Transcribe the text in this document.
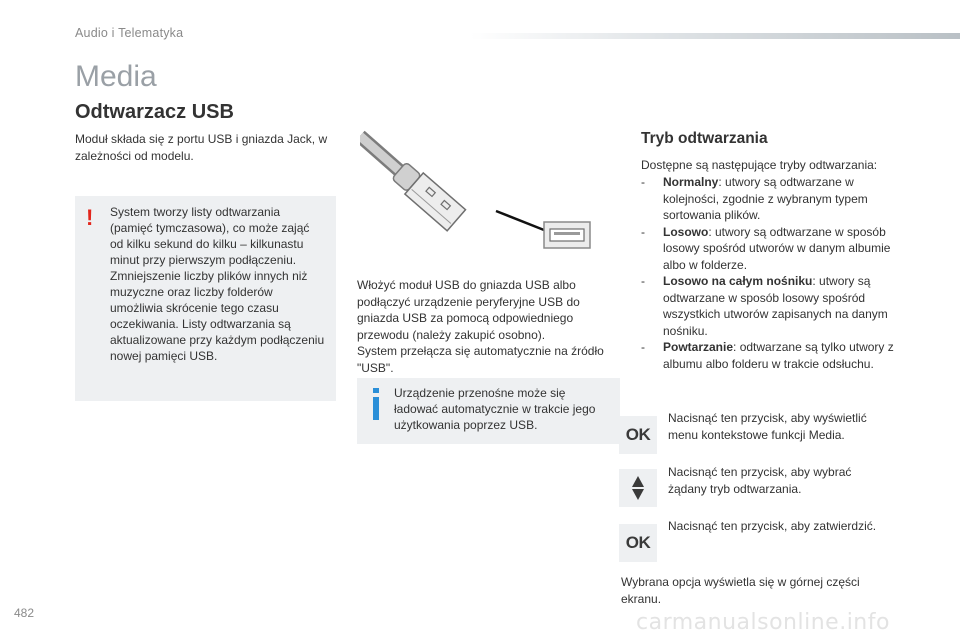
Audio i Telematyka
Media
Odtwarzacz USB
Moduł składa się z portu USB i gniazda Jack, w zależności od modelu.
! System tworzy listy odtwarzania (pamięć tymczasowa), co może zająć od kilku sekund do kilku – kilkunastu minut przy pierwszym podłączeniu. Zmniejszenie liczby plików innych niż muzyczne oraz liczby folderów umożliwia skrócenie tego czasu oczekiwania. Listy odtwarzania są aktualizowane przy każdym podłączeniu nowej pamięci USB.
Włożyć moduł USB do gniazda USB albo podłączyć urządzenie peryferyjne USB do gniazda USB za pomocą odpowiedniego przewodu (należy zakupić osobno).
System przełącza się automatycznie na źródło "USB".
Urządzenie przenośne może się ładować automatycznie w trakcie jego użytkowania poprzez USB.
Tryb odtwarzania
Dostępne są następujące tryby odtwarzania:
- Normalny: utwory są odtwarzane w kolejności, zgodnie z wybranym typem sortowania plików.
- Losowo: utwory są odtwarzane w sposób losowy spośród utworów w danym albumie albo w folderze.
- Losowo na całym nośniku: utwory są odtwarzane w sposób losowy spośród wszystkich utworów zapisanych na danym nośniku.
- Powtarzanie: odtwarzane są tylko utwory z albumu albo folderu w trakcie odsłuchu.
OK
Nacisnąć ten przycisk, aby wyświetlić menu kontekstowe funkcji Media.
Nacisnąć ten przycisk, aby wybrać żądany tryb odtwarzania.
OK
Nacisnąć ten przycisk, aby zatwierdzić.
Wybrana opcja wyświetla się w górnej części ekranu.
482	carmanualsonline.info
